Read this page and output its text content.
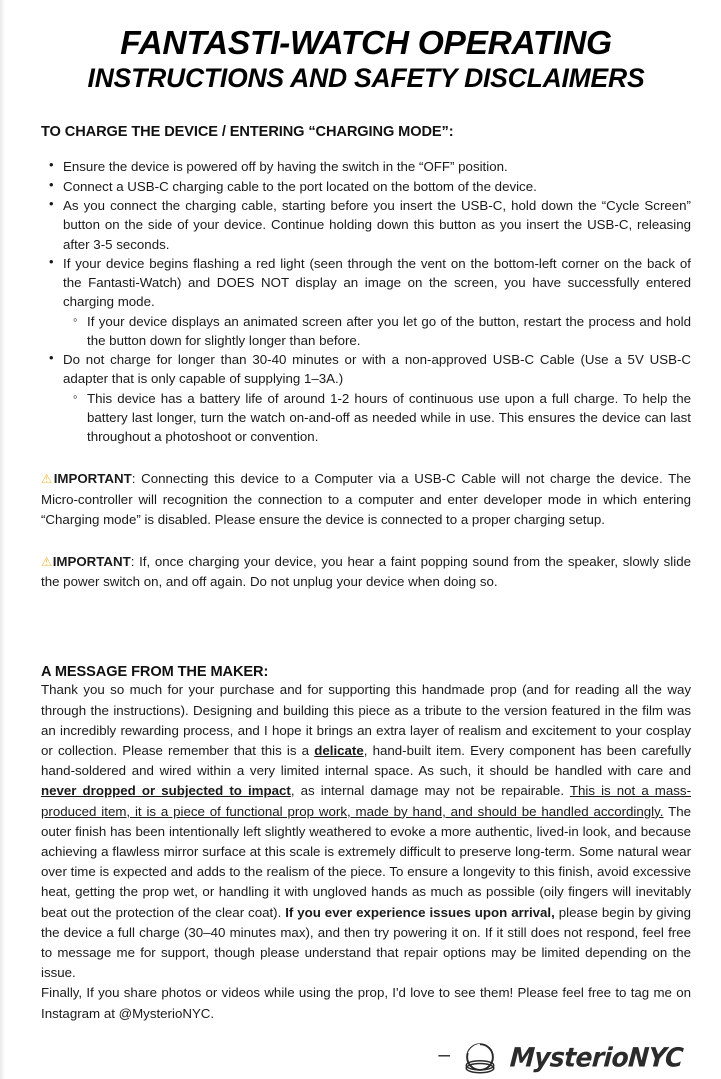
FANTASTI-WATCH OPERATING
INSTRUCTIONS AND SAFETY DISCLAIMERS
TO CHARGE THE DEVICE / ENTERING “CHARGING MODE”:
• Ensure the device is powered off by having the switch in the “OFF” position.
• Connect a USB-C charging cable to the port located on the bottom of the device.
• As you connect the charging cable, starting before you insert the USB-C, hold down the “Cycle Screen” button on the side of your device. Continue holding down this button as you insert the USB-C, releasing after 3-5 seconds.
• If your device begins flashing a red light (seen through the vent on the bottom-left corner on the back of the Fantasti-Watch) and DOES NOT display an image on the screen, you have successfully entered charging mode.
◦ If your device displays an animated screen after you let go of the button, restart the process and hold the button down for slightly longer than before.
• Do not charge for longer than 30-40 minutes or with a non-approved USB-C Cable (Use a 5V USB-C adapter that is only capable of supplying 1–3A.)
◦ This device has a battery life of around 1-2 hours of continuous use upon a full charge. To help the battery last longer, turn the watch on-and-off as needed while in use. This ensures the device can last throughout a photoshoot or convention.

⚠IMPORTANT: Connecting this device to a Computer via a USB-C Cable will not charge the device. The Micro-controller will recognition the connection to a computer and enter developer mode in which entering “Charging mode” is disabled. Please ensure the device is connected to a proper charging setup.

⚠IMPORTANT: If, once charging your device, you hear a faint popping sound from the speaker, slowly slide the power switch on, and off again. Do not unplug your device when doing so.

A MESSAGE FROM THE MAKER:

Thank you so much for your purchase and for supporting this handmade prop (and for reading all the way through the instructions). Designing and building this piece as a tribute to the version featured in the film was an incredibly rewarding process, and I hope it brings an extra layer of realism and excitement to your cosplay or collection. Please remember that this is a delicate, hand-built item. Every component has been carefully hand-soldered and wired within a very limited internal space. As such, it should be handled with care and never dropped or subjected to impact, as internal damage may not be repairable. This is not a mass-produced item, it is a piece of functional prop work, made by hand, and should be handled accordingly. The outer finish has been intentionally left slightly weathered to evoke a more authentic, lived-in look, and because achieving a flawless mirror surface at this scale is extremely difficult to preserve long-term. Some natural wear over time is expected and adds to the realism of the piece. To ensure a longevity to this finish, avoid excessive heat, getting the prop wet, or handling it with ungloved hands as much as possible (oily fingers will inevitably beat out the protection of the clear coat). If you ever experience issues upon arrival, please begin by giving the device a full charge (30–40 minutes max), and then try powering it on. If it still does not respond, feel free to message me for support, though please understand that repair options may be limited depending on the issue.

Finally, If you share photos or videos while using the prop, I'd love to see them! Please feel free to tag me on Instagram at @MysterioNYC.

– MysterioNYC
